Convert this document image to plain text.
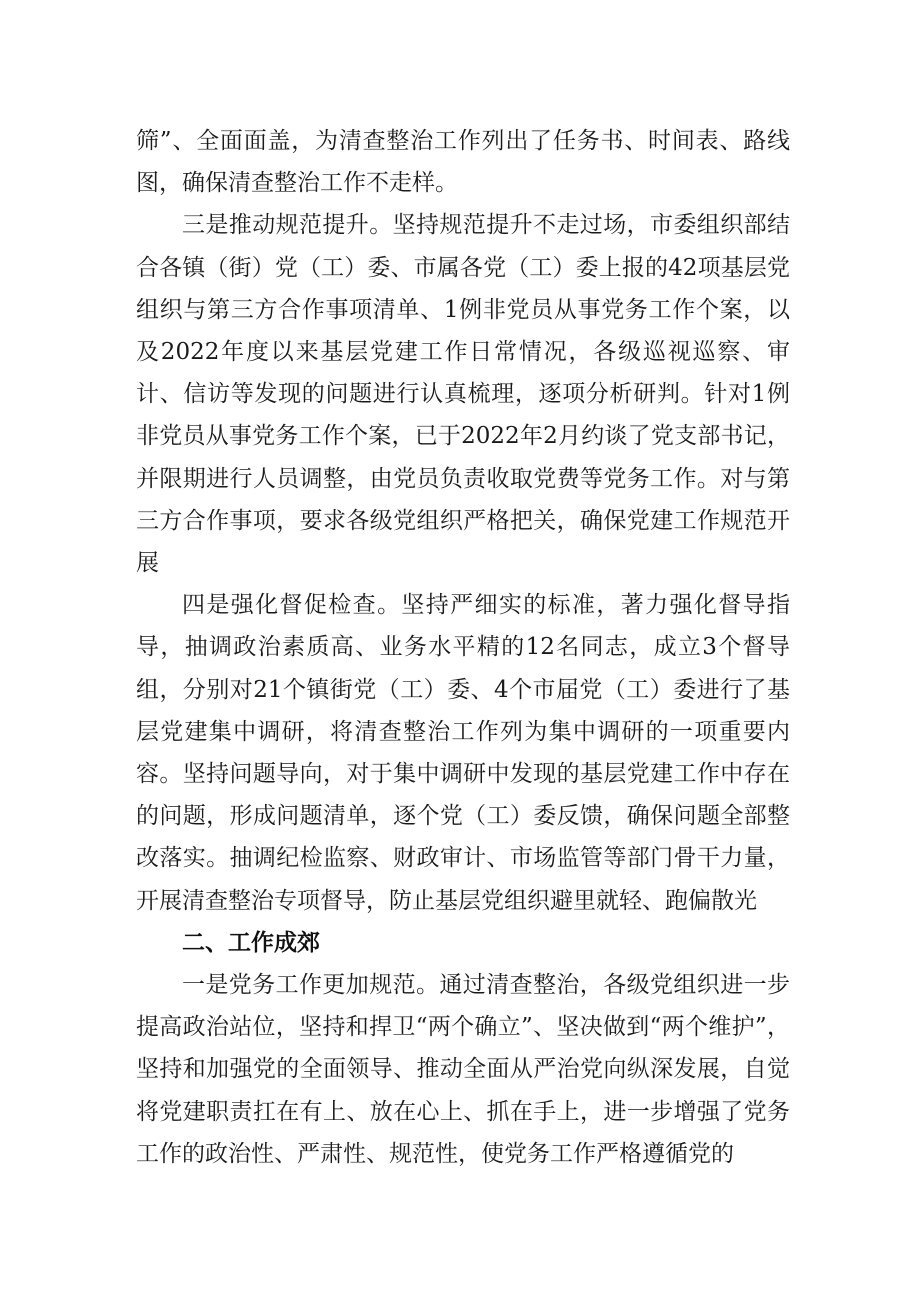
筛”、全面面盖，为清查整治工作列出了任务书、时间表、路线图，确保清查整治工作不走样。

三是推动规范提升。坚持规范提升不走过场，市委组织部结合各镇（街）党（工）委、市属各党（工）委上报的42项基层党组织与第三方合作事项清单、1例非党员从事党务工作个案，以及2022年度以来基层党建工作日常情况，各级巡视巡察、审计、信访等发现的问题进行认真梳理，逐项分析研判。针对1例非党员从事党务工作个案，已于2022年2月约谈了党支部书记，并限期进行人员调整，由党员负责收取党费等党务工作。对与第三方合作事项，要求各级党组织严格把关，确保党建工作规范开展

四是强化督促检查。坚持严细实的标准，著力强化督导指导，抽调政治素质高、业务水平精的12名同志，成立3个督导组，分别对21个镇街党（工）委、4个市届党（工）委进行了基层党建集中调研，将清查整治工作列为集中调研的一项重要内容。坚持问题导向，对于集中调研中发现的基层党建工作中存在的问题，形成问题清单，逐个党（工）委反馈，确保问题全部整改落实。抽调纪检监察、财政审计、市场监管等部门骨干力量，开展清查整治专项督导，防止基层党组织避里就轻、跑偏散光

二、工作成郊

一是党务工作更加规范。通过清查整治，各级党组织进一步提高政治站位，坚持和捍卫“两个确立”、坚决做到“两个维护”，坚持和加强党的全面领导、推动全面从严治党向纵深发展，自觉将党建职责扛在有上、放在心上、抓在手上，进一步增强了党务工作的政治性、严肃性、规范性，使党务工作严格遵循党的
